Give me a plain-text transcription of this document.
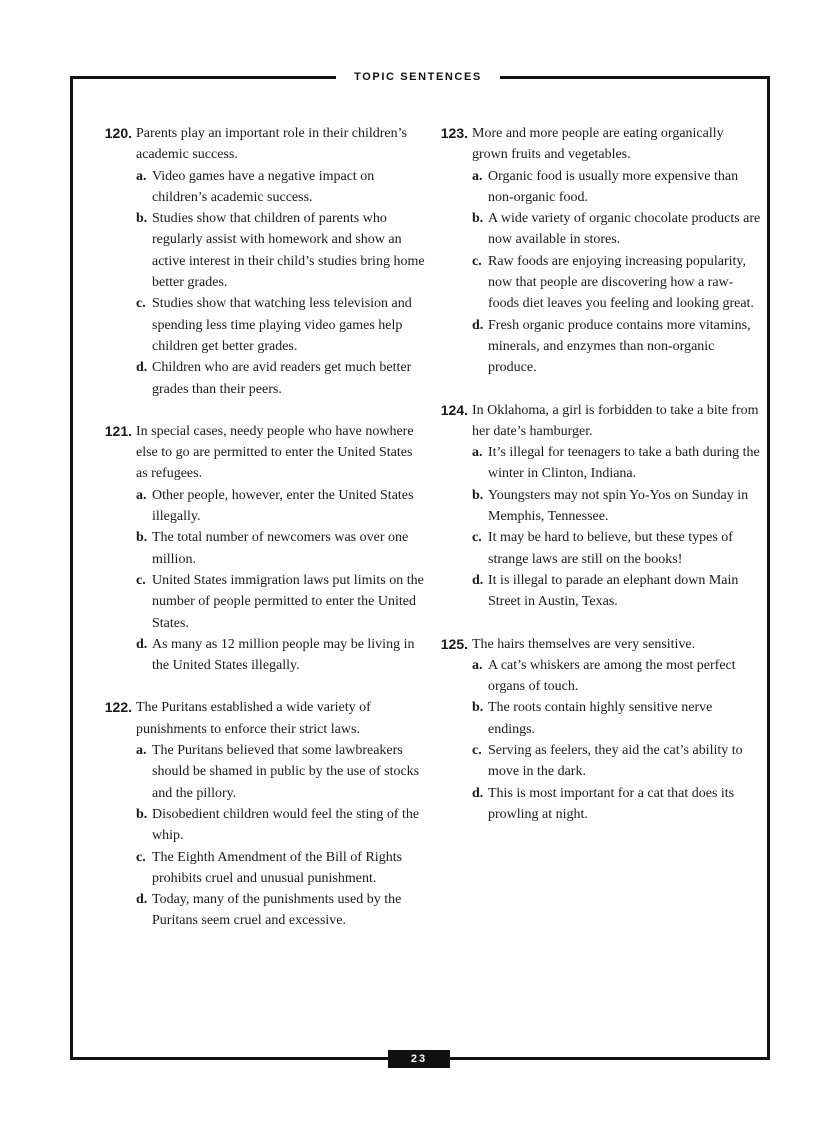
TOPIC SENTENCES
23
120. Parents play an important role in their children’s academic success.
a. Video games have a negative impact on children’s academic success.
b. Studies show that children of parents who regularly assist with homework and show an active interest in their child’s studies bring home better grades.
c. Studies show that watching less television and spending less time playing video games help children get better grades.
d. Children who are avid readers get much better grades than their peers.
121. In special cases, needy people who have nowhere else to go are permitted to enter the United States as refugees.
a. Other people, however, enter the United States illegally.
b. The total number of newcomers was over one million.
c. United States immigration laws put limits on the number of people permitted to enter the United States.
d. As many as 12 million people may be living in the United States illegally.
122. The Puritans established a wide variety of punishments to enforce their strict laws.
a. The Puritans believed that some lawbreakers should be shamed in public by the use of stocks and the pillory.
b. Disobedient children would feel the sting of the whip.
c. The Eighth Amendment of the Bill of Rights prohibits cruel and unusual punishment.
d. Today, many of the punishments used by the Puritans seem cruel and excessive.
123. More and more people are eating organically grown fruits and vegetables.
a. Organic food is usually more expensive than non-organic food.
b. A wide variety of organic chocolate products are now available in stores.
c. Raw foods are enjoying increasing popularity, now that people are discovering how a raw-foods diet leaves you feeling and looking great.
d. Fresh organic produce contains more vitamins, minerals, and enzymes than non-organic produce.
124. In Oklahoma, a girl is forbidden to take a bite from her date’s hamburger.
a. It’s illegal for teenagers to take a bath during the winter in Clinton, Indiana.
b. Youngsters may not spin Yo-Yos on Sunday in Memphis, Tennessee.
c. It may be hard to believe, but these types of strange laws are still on the books!
d. It is illegal to parade an elephant down Main Street in Austin, Texas.
125. The hairs themselves are very sensitive.
a. A cat’s whiskers are among the most perfect organs of touch.
b. The roots contain highly sensitive nerve endings.
c. Serving as feelers, they aid the cat’s ability to move in the dark.
d. This is most important for a cat that does its prowling at night.
